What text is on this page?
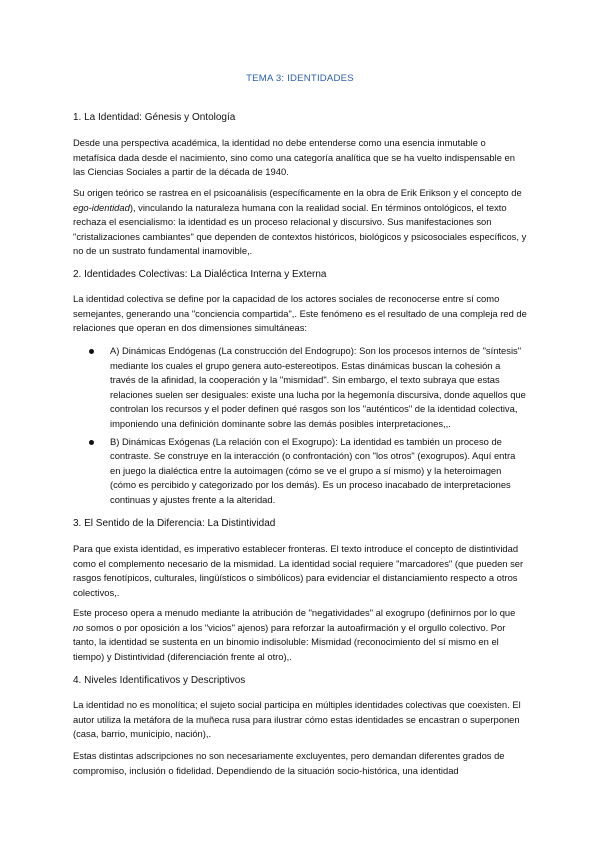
TEMA 3: IDENTIDADES
1. La Identidad: Génesis y Ontología

Desde una perspectiva académica, la identidad no debe entenderse como una esencia inmutable o metafísica dada desde el nacimiento, sino como una categoría analítica que se ha vuelto indispensable en las Ciencias Sociales a partir de la década de 1940.

Su origen teórico se rastrea en el psicoanálisis (específicamente en la obra de Erik Erikson y el concepto de ego-identidad), vinculando la naturaleza humana con la realidad social. En términos ontológicos, el texto rechaza el esencialismo: la identidad es un proceso relacional y discursivo. Sus manifestaciones son "cristalizaciones cambiantes" que dependen de contextos históricos, biológicos y psicosociales específicos, y no de un sustrato fundamental inamovible,.

2. Identidades Colectivas: La Dialéctica Interna y Externa

La identidad colectiva se define por la capacidad de los actores sociales de reconocerse entre sí como semejantes, generando una "conciencia compartida",. Este fenómeno es el resultado de una compleja red de relaciones que operan en dos dimensiones simultáneas:

A) Dinámicas Endógenas (La construcción del Endogrupo): Son los procesos internos de "síntesis" mediante los cuales el grupo genera auto-estereotipos. Estas dinámicas buscan la cohesión a través de la afinidad, la cooperación y la "mismidad". Sin embargo, el texto subraya que estas relaciones suelen ser desiguales: existe una lucha por la hegemonía discursiva, donde aquellos que controlan los recursos y el poder definen qué rasgos son los "auténticos" de la identidad colectiva, imponiendo una definición dominante sobre las demás posibles interpretaciones,,.
B) Dinámicas Exógenas (La relación con el Exogrupo): La identidad es también un proceso de contraste. Se construye en la interacción (o confrontación) con "los otros" (exogrupos). Aquí entra en juego la dialéctica entre la autoimagen (cómo se ve el grupo a sí mismo) y la heteroimagen (cómo es percibido y categorizado por los demás). Es un proceso inacabado de interpretaciones continuas y ajustes frente a la alteridad.
3. El Sentido de la Diferencia: La Distintividad

Para que exista identidad, es imperativo establecer fronteras. El texto introduce el concepto de distintividad como el complemento necesario de la mismidad. La identidad social requiere "marcadores" (que pueden ser rasgos fenotípicos, culturales, lingüísticos o simbólicos) para evidenciar el distanciamiento respecto a otros colectivos,.

Este proceso opera a menudo mediante la atribución de "negatividades" al exogrupo (definirnos por lo que no somos o por oposición a los "vicios" ajenos) para reforzar la autoafirmación y el orgullo colectivo. Por tanto, la identidad se sustenta en un binomio indisoluble: Mismidad (reconocimiento del sí mismo en el tiempo) y Distintividad (diferenciación frente al otro),.

4. Niveles Identificativos y Descriptivos

La identidad no es monolítica; el sujeto social participa en múltiples identidades colectivas que coexisten. El autor utiliza la metáfora de la muñeca rusa para ilustrar cómo estas identidades se encastran o superponen (casa, barrio, municipio, nación),.

Estas distintas adscripciones no son necesariamente excluyentes, pero demandan diferentes grados de compromiso, inclusión o fidelidad. Dependiendo de la situación socio-histórica, una identidad
